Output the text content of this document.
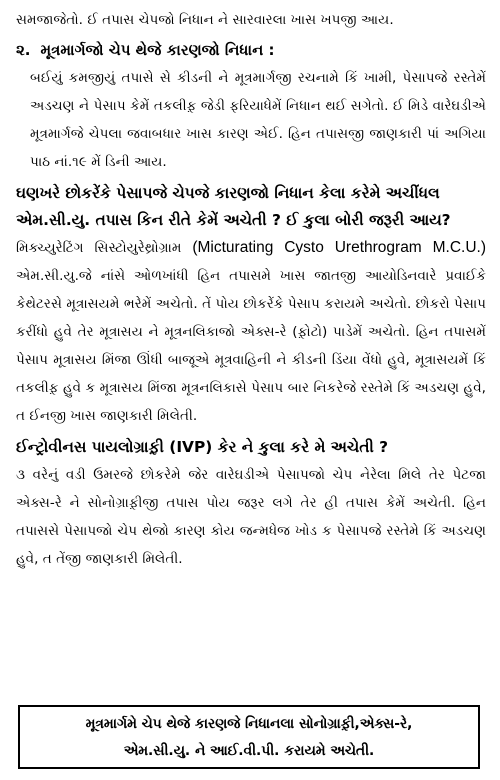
સમજાજેતો. ઈ તપાસ ચેપજો નિધાન ને સારવારલા ખાસ ખપજી આય.

૨. મૂત્રમાર્ગજો ચેપ થેજે કારણજો નિધાન :

બઈયું કમજીયું તપાસે સે કીડની ને મૂત્રમાર્ગજી રચનામે કિં ખામી, પેસાપજે રસ્તેમેં અડચણ ને પેસાપ કેમેં તકલીફ઼ જેડી ફરિયાધેમેં નિધાન થઈ સગેતો. ઈ મિડે વારેઘડીએ મૂત્રમાર્ગજે ચેપલા જવાબધાર ખાસ કારણ એઈ. હિન તપાસજી જાણકારી પાં અગિયા પાઠ નાં.૧૯ મેં ડિની આય.

ઘણખરે છોકરેંકે પેસાપજે ચેપજે કારણજો નિધાન કેલા કરેમે અચીંધલ એમ.સી.યુ. તપાસ કિન રીતે કેમેં અચેતી ? ઈ કુલા બોરી જરૂરી આય?

મિક્ચ્યુરેટિંગ સિસ્ટોયુરેથ્રોગ્રામ (Micturating Cysto Urethrogram M.C.U.) એમ.સી.યુ.જે નાંસે ઓળખાંધી હિન તપાસમે ખાસ જાતજી આયોડિનવારે પ્રવાઈકે કેથેટરસે મૂત્રાસયમે ભરેમેં અચેતો. તેં પોય છોકરેંકે પેસાપ કરાયમે અચેતો. છોકરો પેસાપ કરીંધો હુવે તેર મૂત્રાસય ને મૂત્રનલિકાજો એક્સ-રે (ફ઼ોટો) પાડેમેં અચેતો. હિન તપાસમેં પેસાપ મૂત્રાસય મિંજા ઊંધી બાજૂએ મૂત્રવાહિની ને કીડની ડિંયા વેંધો હુવે, મૂત્રાસયમેં કિં તકલીફ઼ હુવે ક મૂત્રાસય મિંજા મૂત્રનલિકાસે પેસાપ બાર નિકરેજે રસ્તેમે કિં અડચણ હુવે, ત ઈનજી ખાસ જાણકારી મિલેતી.

ઈન્ટ્રોવીનસ પાયલોગ્રાફ઼ી (IVP) કેર ને કુલા કરે મે અચેતી ?

૩ વરેનું વડી ઉમરજે છોકરેમે જેર વારેઘડીએ પેસાપજો ચેપ નેરેલા મિલે તેર પેટજા એક્સ-રે ને સોનોગ્રાફ઼ીજી તપાસ પોય જરૂર લગે તેર હી તપાસ કેમેં અચેતી. હિન તપાસસે પેસાપજો ચેપ થેજો કારણ કોય જન્મધેજ ખોડ ક પેસાપજે રસ્તેમે કિં અડચણ હુવે, ત તેંજી જાણકારી મિલેતી.

મૂત્રમાર્ગમે ચેપ થેજે કારણજે નિધાનલા સોનોગ્રાફ઼ી,એક્સ-રે,
એમ.સી.યુ. ને આઈ.વી.પી. કરાયમે અચેતી.
